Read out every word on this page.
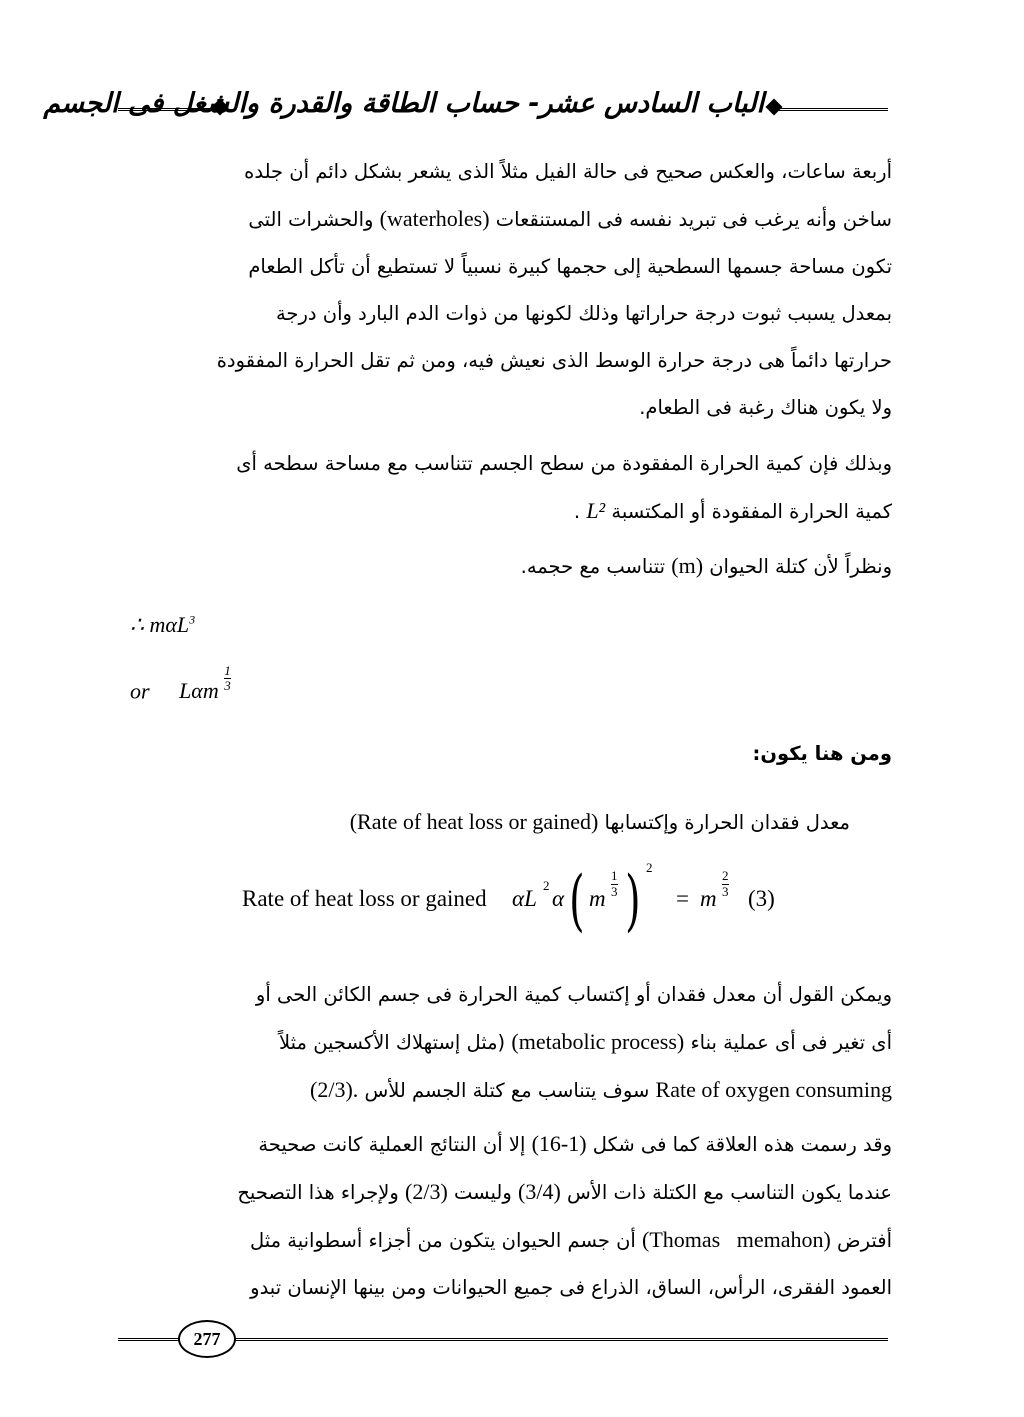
الباب السادس عشر- حساب الطاقة والقدرة والشغل فى الجسم
أربعة ساعات، والعكس صحيح فى حالة الفيل مثلاً الذى يشعر بشكل دائم أن جلده
ساخن وأنه يرغب فى تبريد نفسه فى المستنقعات (waterholes) والحشرات التى
تكون مساحة جسمها السطحية إلى حجمها كبيرة نسبياً لا تستطيع أن تأكل الطعام
بمعدل يسبب ثبوت درجة حراراتها وذلك لكونها من ذوات الدم البارد وأن درجة
حرارتها دائماً هى درجة حرارة الوسط الذى نعيش فيه، ومن ثم تقل الحرارة المفقودة
ولا يكون هناك رغبة فى الطعام.
وبذلك فإن كمية الحرارة المفقودة من سطح الجسم تتناسب مع مساحة سطحه أى
كمية الحرارة المفقودة أو المكتسبة L² .
ونظراً لأن كتلة الحيوان (m) تتناسب مع حجمه.
∴ mαL$^3$
or Lαm $\frac{1}{3}$
ومن هنا يكون:
معدل فقدان الحرارة وإكتسابها (Rate of heat loss or gained)
Rate of heat loss or gained αL
2
α ( m
1
3 ) 2
= m
2
3 (3)
ويمكن القول أن معدل فقدان أو إكتساب كمية الحرارة فى جسم الكائن الحى أو
أى تغير فى أى عملية بناء (metabolic process) (مثل إستهلاك الأكسجين مثلاً
Rate of oxygen consuming سوف يتناسب مع كتلة الجسم للأس (2/3).
وقد رسمت هذه العلاقة كما فى شكل (16-1) إلا أن النتائج العملية كانت صحيحة
عندما يكون التناسب مع الكتلة ذات الأس (3/4) وليست (2/3) ولإجراء هذا التصحيح
أفترض (Thomas   memahon) أن جسم الحيوان يتكون من أجزاء أسطوانية مثل
العمود الفقرى، الرأس، الساق، الذراع فى جميع الحيوانات ومن بينها الإنسان تبدو
277
